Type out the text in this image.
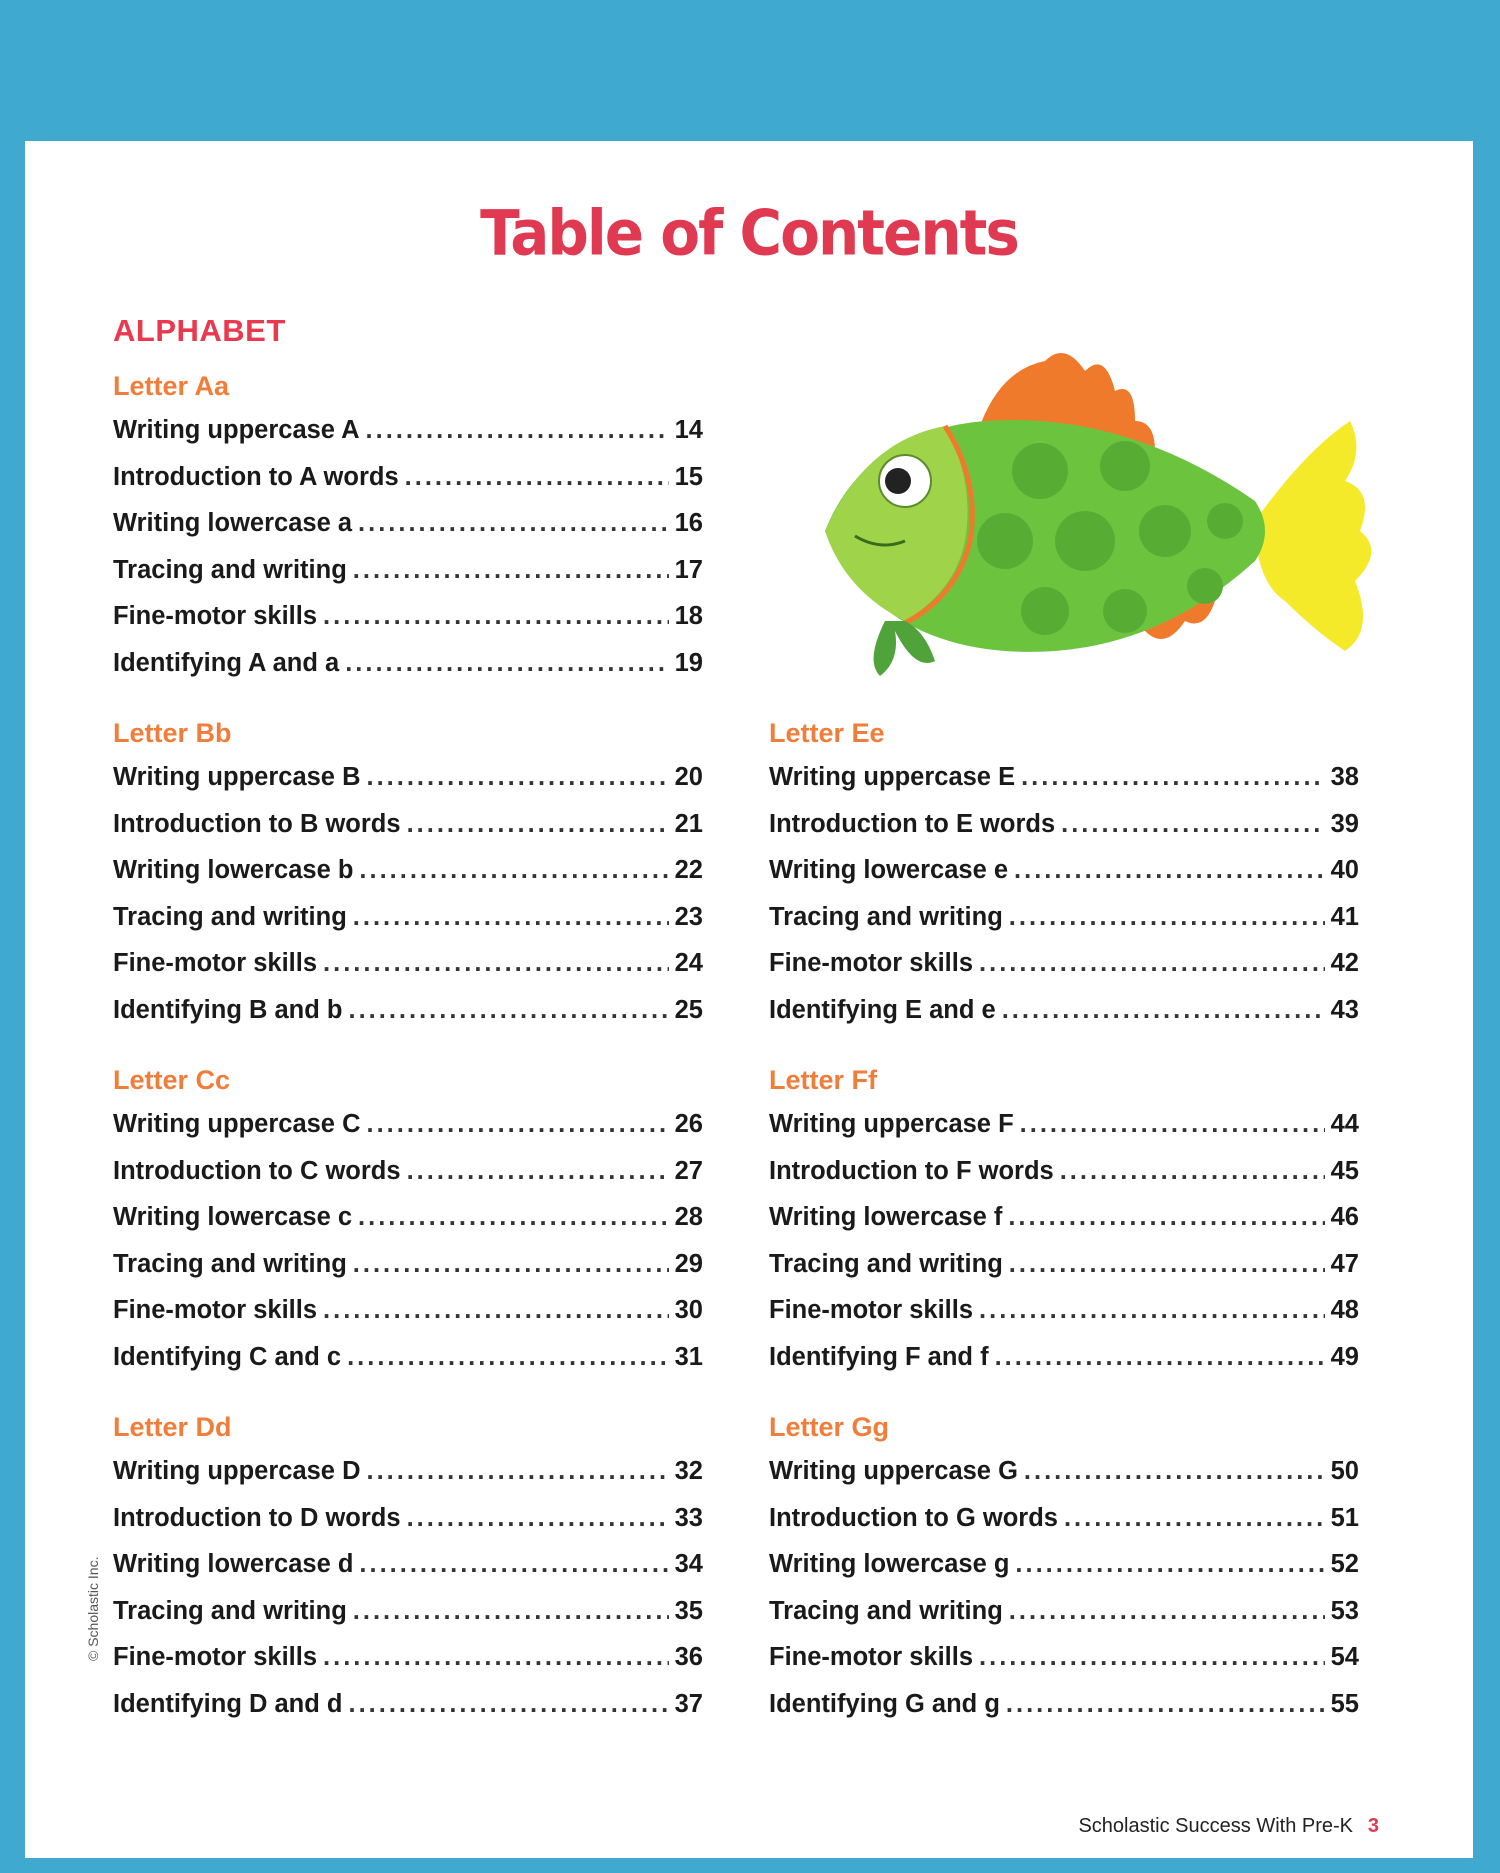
Table of Contents
ALPHABET
Letter Aa
Writing uppercase A .....	14
Introduction to A words .....	15
Writing lowercase a .....	16
Tracing and writing .....	17
Fine-motor skills .....	18
Identifying A and a .....	19
Letter Bb
Writing uppercase B .....	20
Introduction to B words .....	21
Writing lowercase b .....	22
Tracing and writing .....	23
Fine-motor skills .....	24
Identifying B and b .....	25
Letter Cc
Writing uppercase C .....	26
Introduction to C words .....	27
Writing lowercase c .....	28
Tracing and writing .....	29
Fine-motor skills .....	30
Identifying C and c .....	31
Letter Dd
Writing uppercase D .....	32
Introduction to D words .....	33
Writing lowercase d .....	34
Tracing and writing .....	35
Fine-motor skills .....	36
Identifying D and d .....	37
Letter Ee
Writing uppercase E .....	38
Introduction to E words .....	39
Writing lowercase e .....	40
Tracing and writing .....	41
Fine-motor skills .....	42
Identifying E and e .....	43
Letter Ff
Writing uppercase F .....	44
Introduction to F words .....	45
Writing lowercase f .....	46
Tracing and writing .....	47
Fine-motor skills .....	48
Identifying F and f .....	49
Letter Gg
Writing uppercase G .....	50
Introduction to G words .....	51
Writing lowercase g .....	52
Tracing and writing .....	53
Fine-motor skills .....	54
Identifying G and g .....	55
© Scholastic Inc.
Scholastic Success With Pre-K 3
